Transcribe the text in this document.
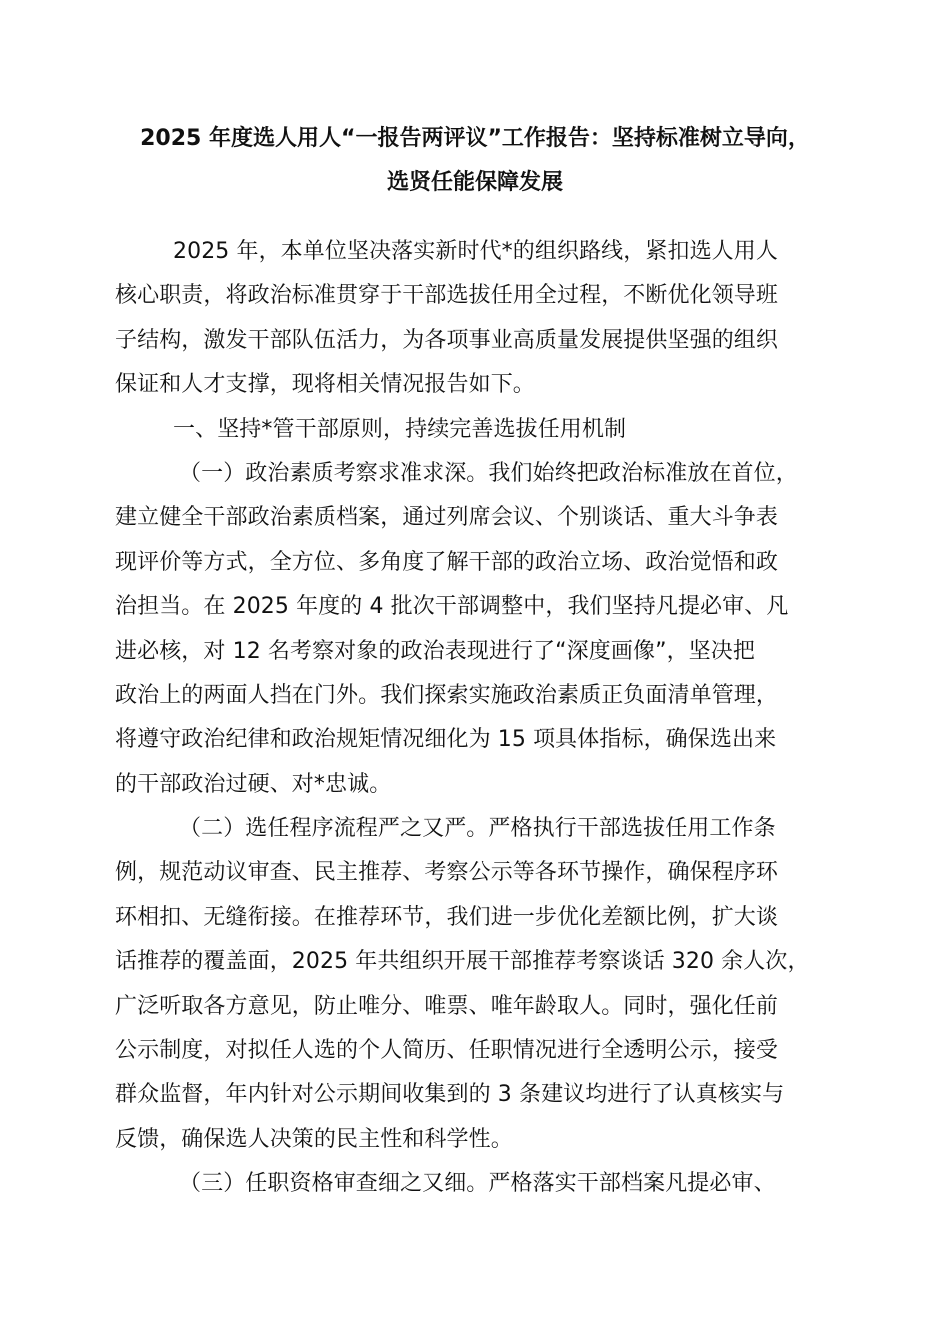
2025 年度选人用人“一报告两评议”工作报告：坚持标准树立导向，
选贤任能保障发展
2025 年，本单位坚决落实新时代*的组织路线，紧扣选人用人
核心职责，将政治标准贯穿于干部选拔任用全过程，不断优化领导班
子结构，激发干部队伍活力，为各项事业高质量发展提供坚强的组织
保证和人才支撑，现将相关情况报告如下。
一、坚持*管干部原则，持续完善选拔任用机制
（一）政治素质考察求准求深。我们始终把政治标准放在首位，
建立健全干部政治素质档案，通过列席会议、个别谈话、重大斗争表
现评价等方式，全方位、多角度了解干部的政治立场、政治觉悟和政
治担当。在 2025 年度的 4 批次干部调整中，我们坚持凡提必审、凡
进必核，对 12 名考察对象的政治表现进行了“深度画像”，坚决把
政治上的两面人挡在门外。我们探索实施政治素质正负面清单管理，
将遵守政治纪律和政治规矩情况细化为 15 项具体指标，确保选出来
的干部政治过硬、对*忠诚。
（二）选任程序流程严之又严。严格执行干部选拔任用工作条
例，规范动议审查、民主推荐、考察公示等各环节操作，确保程序环
环相扣、无缝衔接。在推荐环节，我们进一步优化差额比例，扩大谈
话推荐的覆盖面，2025 年共组织开展干部推荐考察谈话 320 余人次，
广泛听取各方意见，防止唯分、唯票、唯年龄取人。同时，强化任前
公示制度，对拟任人选的个人简历、任职情况进行全透明公示，接受
群众监督，年内针对公示期间收集到的 3 条建议均进行了认真核实与
反馈，确保选人决策的民主性和科学性。
（三）任职资格审查细之又细。严格落实干部档案凡提必审、
